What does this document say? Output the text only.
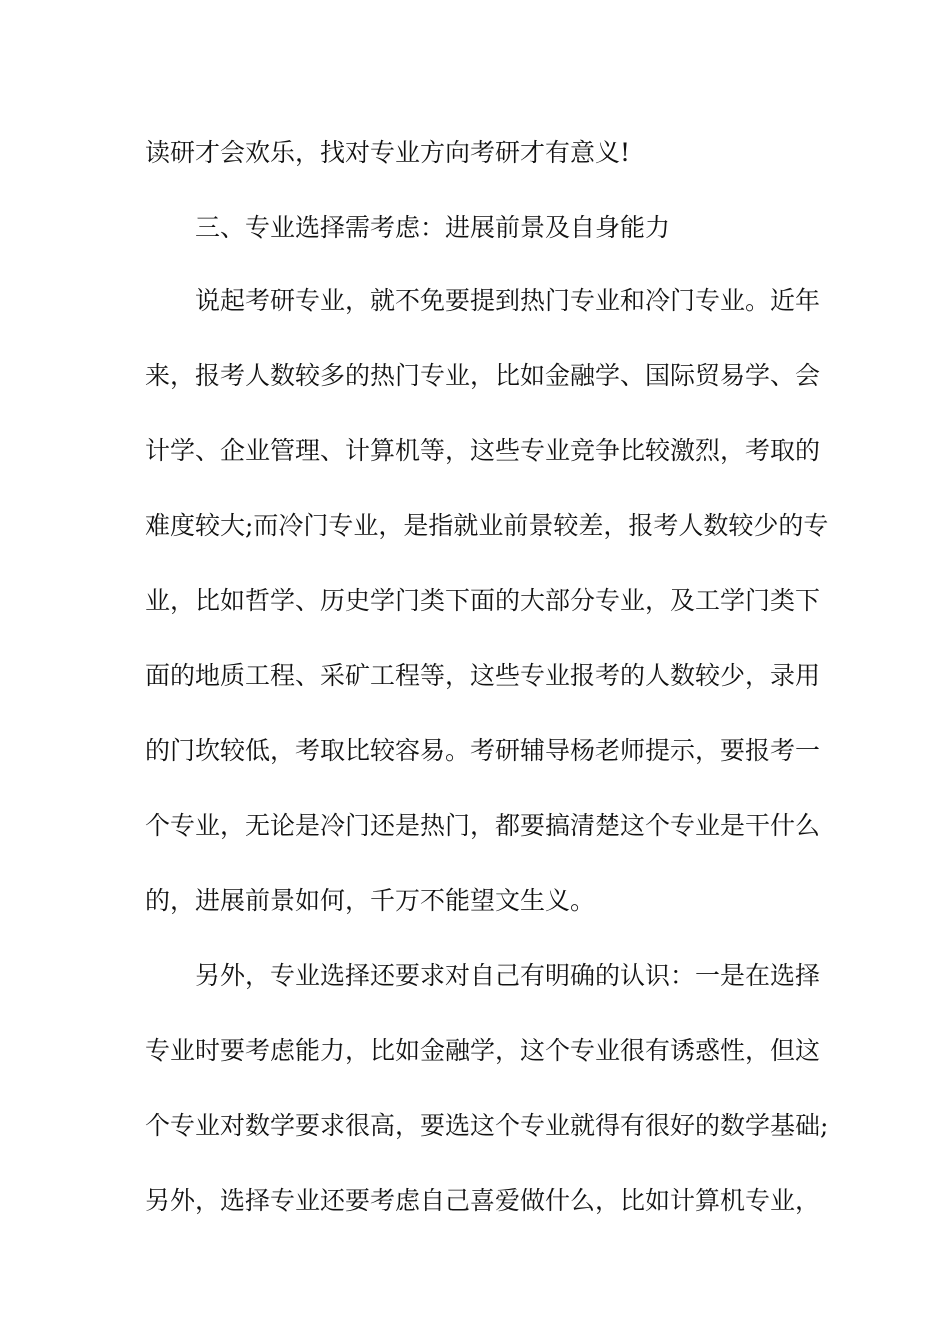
读研才会欢乐，找对专业方向考研才有意义!
三、专业选择需考虑：进展前景及自身能力
说起考研专业，就不免要提到热门专业和冷门专业。近年
来，报考人数较多的热门专业，比如金融学、国际贸易学、会
计学、企业管理、计算机等，这些专业竞争比较激烈，考取的
难度较大;而冷门专业，是指就业前景较差，报考人数较少的专
业，比如哲学、历史学门类下面的大部分专业，及工学门类下
面的地质工程、采矿工程等，这些专业报考的人数较少，录用
的门坎较低，考取比较容易。考研辅导杨老师提示，要报考一
个专业，无论是冷门还是热门，都要搞清楚这个专业是干什么
的，进展前景如何，千万不能望文生义。
另外，专业选择还要求对自己有明确的认识：一是在选择
专业时要考虑能力，比如金融学，这个专业很有诱惑性，但这
个专业对数学要求很高，要选这个专业就得有很好的数学基础;
另外，选择专业还要考虑自己喜爱做什么，比如计算机专业，
